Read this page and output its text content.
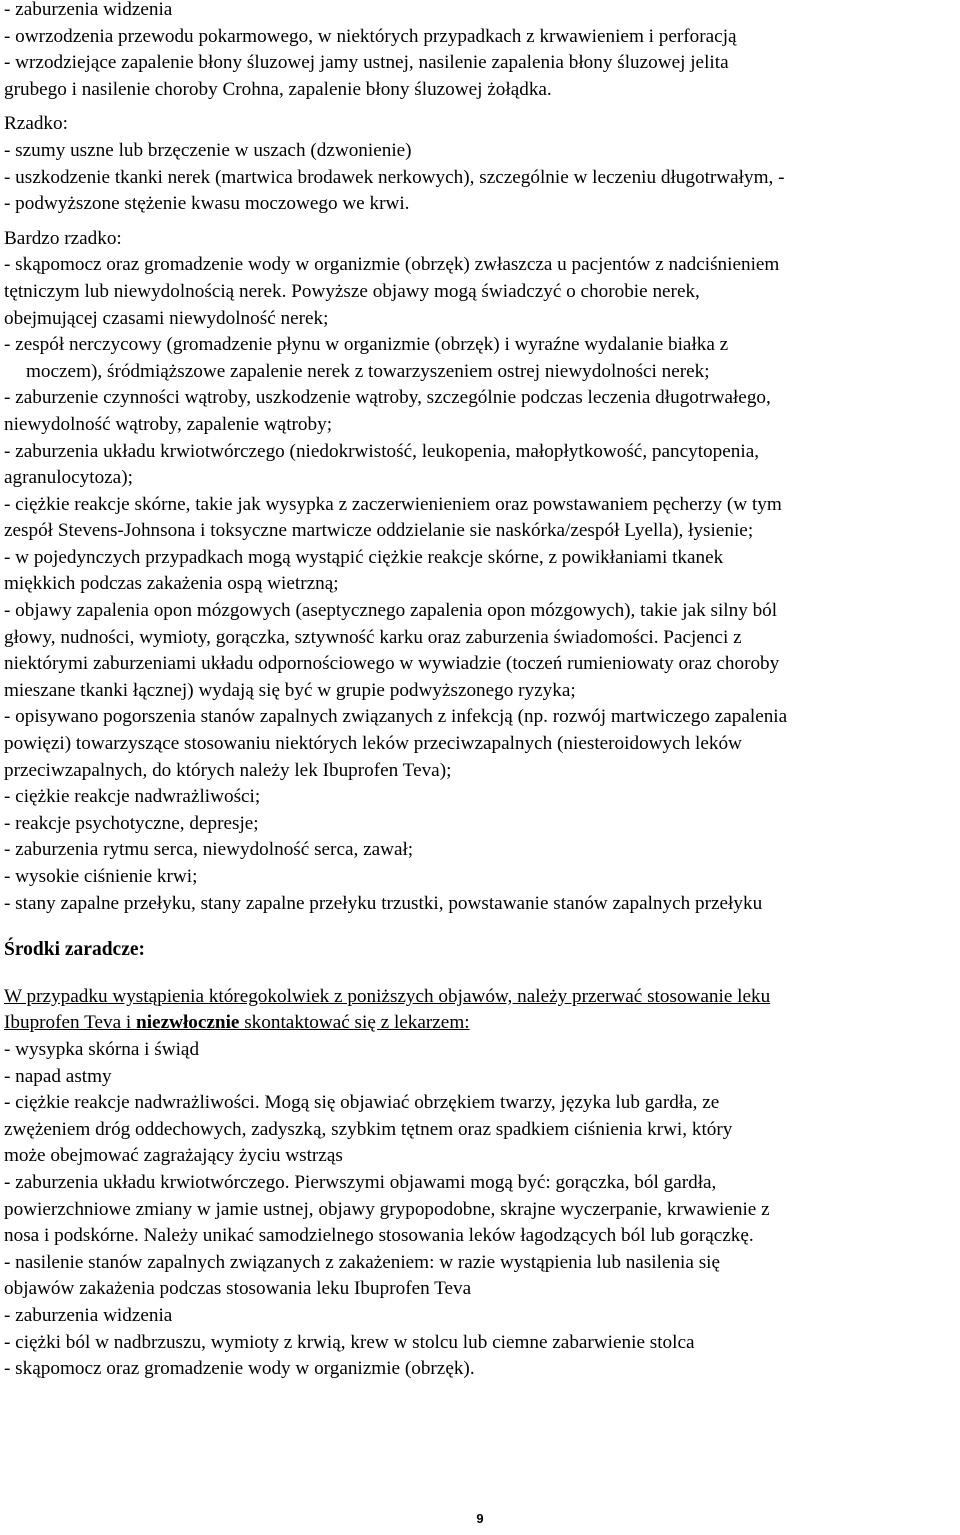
- zaburzenia widzenia
- owrzodzenia przewodu pokarmowego, w niektórych przypadkach z krwawieniem i perforacją
- wrzodziejące zapalenie błony śluzowej jamy ustnej, nasilenie zapalenia błony śluzowej jelita
grubego i nasilenie choroby Crohna, zapalenie błony śluzowej żołądka.
Rzadko:
- szumy uszne lub brzęczenie w uszach (dzwonienie)
- uszkodzenie tkanki nerek (martwica brodawek nerkowych), szczególnie w leczeniu długotrwałym, -
- podwyższone stężenie kwasu moczowego we krwi.
Bardzo rzadko:
- skąpomocz oraz gromadzenie wody w organizmie (obrzęk) zwłaszcza u pacjentów z nadciśnieniem
tętniczym lub niewydolnością nerek. Powyższe objawy mogą świadczyć o chorobie nerek,
obejmującej czasami niewydolność nerek;
- zespół nerczycowy (gromadzenie płynu w organizmie (obrzęk) i wyraźne wydalanie białka z
moczem), śródmiąższowe zapalenie nerek z towarzyszeniem ostrej niewydolności nerek;
- zaburzenie czynności wątroby, uszkodzenie wątroby, szczególnie podczas leczenia długotrwałego,
niewydolność wątroby, zapalenie wątroby;
- zaburzenia układu krwiotwórczego (niedokrwistość, leukopenia, małopłytkowość, pancytopenia,
agranulocytoza);
- ciężkie reakcje skórne, takie jak wysypka z zaczerwienieniem oraz powstawaniem pęcherzy (w tym
zespół Stevens-Johnsona i toksyczne martwicze oddzielanie sie naskórka/zespół Lyella), łysienie;
- w pojedynczych przypadkach mogą wystąpić ciężkie reakcje skórne, z powikłaniami tkanek
miękkich podczas zakażenia ospą wietrzną;
- objawy zapalenia opon mózgowych (aseptycznego zapalenia opon mózgowych), takie jak silny ból
głowy, nudności, wymioty, gorączka, sztywność karku oraz zaburzenia świadomości. Pacjenci z
niektórymi zaburzeniami układu odpornościowego w wywiadzie (toczeń rumieniowaty oraz choroby
mieszane tkanki łącznej) wydają się być w grupie podwyższonego ryzyka;
- opisywano pogorszenia stanów zapalnych związanych z infekcją (np. rozwój martwiczego zapalenia
powięzi) towarzyszące stosowaniu niektórych leków przeciwzapalnych (niesteroidowych leków
przeciwzapalnych, do których należy lek Ibuprofen Teva);
- ciężkie reakcje nadwrażliwości;
- reakcje psychotyczne, depresje;
- zaburzenia rytmu serca, niewydolność serca, zawał;
- wysokie ciśnienie krwi;
- stany zapalne przełyku, stany zapalne przełyku trzustki, powstawanie stanów zapalnych przełyku
Środki zaradcze:
W przypadku wystąpienia któregokolwiek z poniższych objawów, należy przerwać stosowanie leku
Ibuprofen Teva i niezwłocznie skontaktować się z lekarzem:
- wysypka skórna i świąd
- napad astmy
- ciężkie reakcje nadwrażliwości. Mogą się objawiać obrzękiem twarzy, języka lub gardła, ze
zwężeniem dróg oddechowych, zadyszką, szybkim tętnem oraz spadkiem ciśnienia krwi, który
może obejmować zagrażający życiu wstrząs
- zaburzenia układu krwiotwórczego. Pierwszymi objawami mogą być: gorączka, ból gardła,
powierzchniowe zmiany w jamie ustnej, objawy grypopodobne, skrajne wyczerpanie, krwawienie z
nosa i podskórne. Należy unikać samodzielnego stosowania leków łagodzących ból lub gorączkę.
- nasilenie stanów zapalnych związanych z zakażeniem: w razie wystąpienia lub nasilenia się
objawów zakażenia podczas stosowania leku Ibuprofen Teva
- zaburzenia widzenia
- ciężki ból w nadbrzuszu, wymioty z krwią, krew w stolcu lub ciemne zabarwienie stolca
- skąpomocz oraz gromadzenie wody w organizmie (obrzęk).
9
